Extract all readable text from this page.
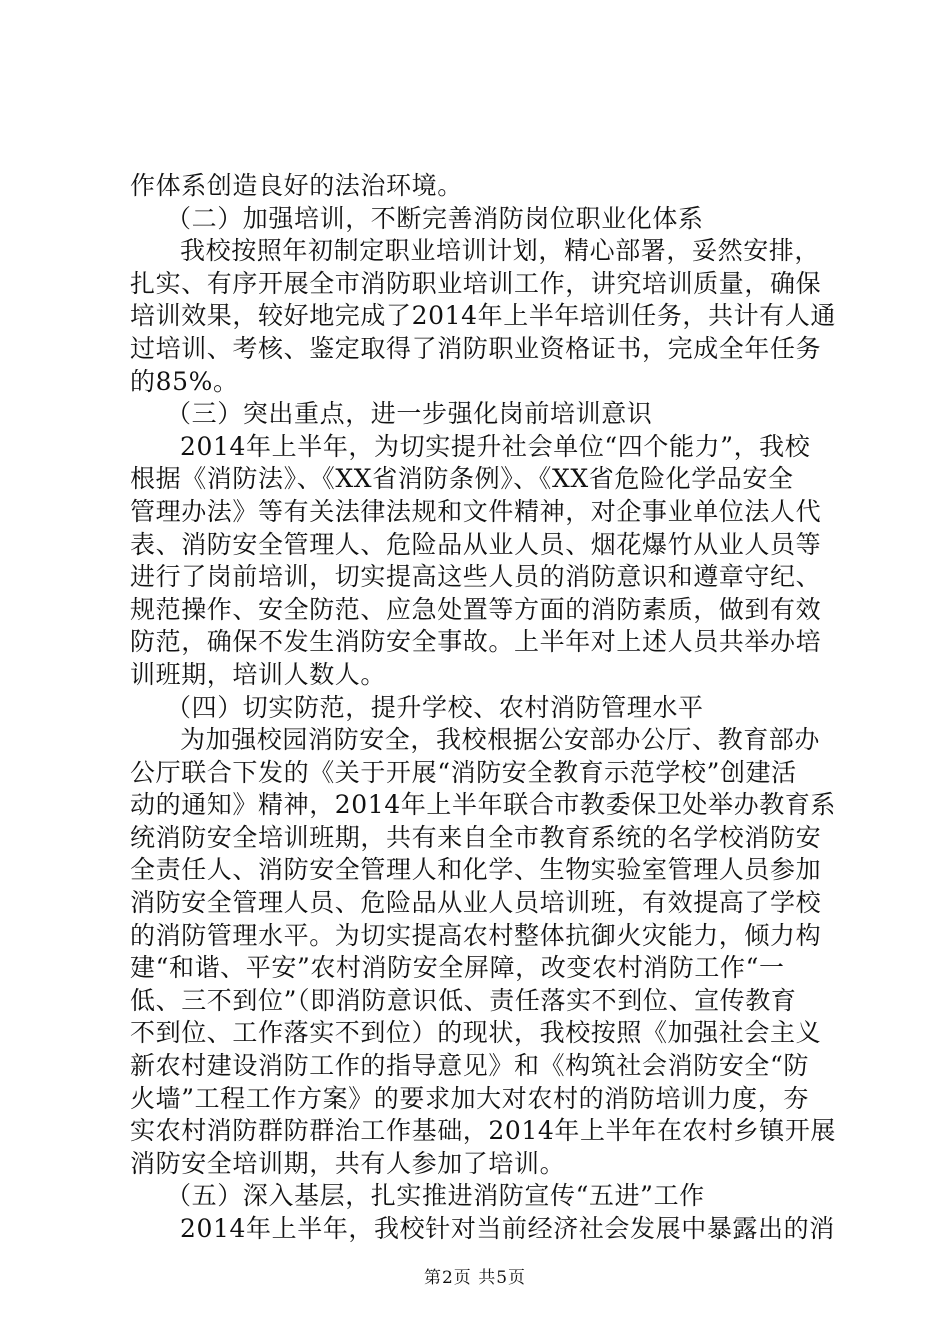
作体系创造良好的法治环境。
（二）加强培训，不断完善消防岗位职业化体系
我校按照年初制定职业培训计划，精心部署，妥然安排，
扎实、有序开展全市消防职业培训工作，讲究培训质量，确保
培训效果，较好地完成了2014年上半年培训任务，共计有人通
过培训、考核、鉴定取得了消防职业资格证书，完成全年任务
的85%。
（三）突出重点，进一步强化岗前培训意识
2014年上半年，为切实提升社会单位“四个能力”，我校
根据《消防法》、《XX省消防条例》、《XX省危险化学品安全
管理办法》等有关法律法规和文件精神，对企事业单位法人代
表、消防安全管理人、危险品从业人员、烟花爆竹从业人员等
进行了岗前培训，切实提高这些人员的消防意识和遵章守纪、
规范操作、安全防范、应急处置等方面的消防素质，做到有效
防范，确保不发生消防安全事故。上半年对上述人员共举办培
训班期，培训人数人。
（四）切实防范，提升学校、农村消防管理水平
为加强校园消防安全，我校根据公安部办公厅、教育部办
公厅联合下发的《关于开展“消防安全教育示范学校”创建活
动的通知》精神，2014年上半年联合市教委保卫处举办教育系
统消防安全培训班期，共有来自全市教育系统的名学校消防安
全责任人、消防安全管理人和化学、生物实验室管理人员参加
消防安全管理人员、危险品从业人员培训班，有效提高了学校
的消防管理水平。为切实提高农村整体抗御火灾能力，倾力构
建“和谐、平安”农村消防安全屏障，改变农村消防工作“一
低、三不到位”（即消防意识低、责任落实不到位、宣传教育
不到位、工作落实不到位）的现状，我校按照《加强社会主义
新农村建设消防工作的指导意见》和《构筑社会消防安全“防
火墙”工程工作方案》的要求加大对农村的消防培训力度，夯
实农村消防群防群治工作基础，2014年上半年在农村乡镇开展
消防安全培训期，共有人参加了培训。
（五）深入基层，扎实推进消防宣传“五进”工作
2014年上半年，我校针对当前经济社会发展中暴露出的消
第2页 共5页
